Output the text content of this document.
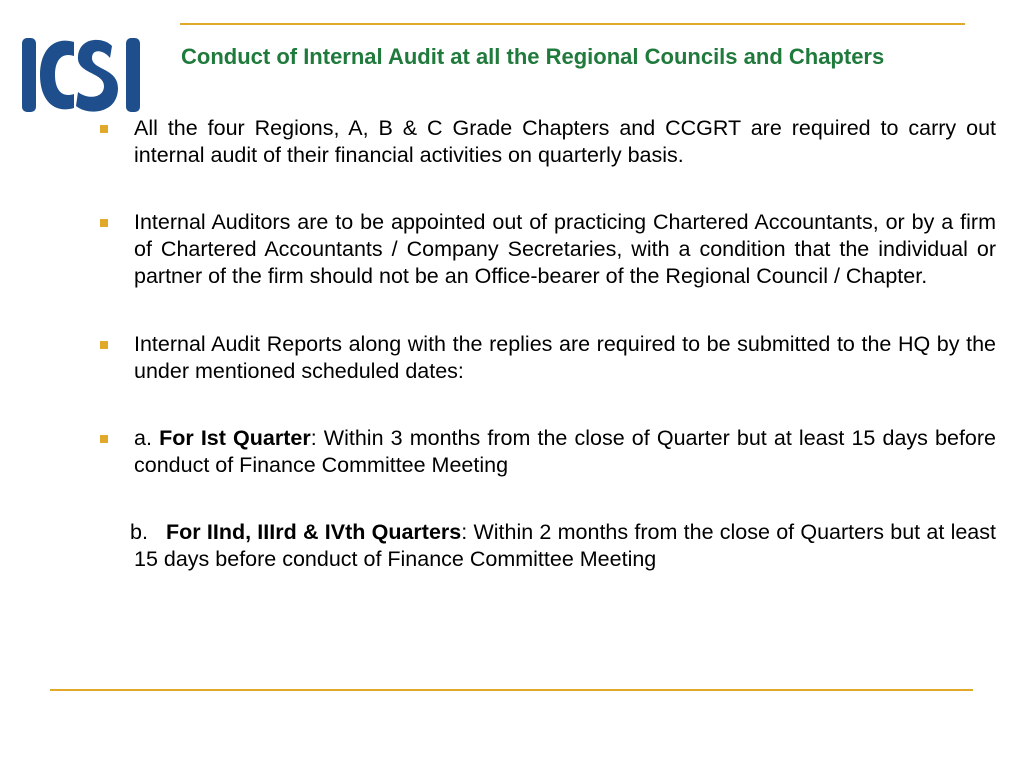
Conduct of Internal Audit at all the Regional Councils and Chapters
All the four Regions, A, B & C Grade Chapters and CCGRT are required to carry out internal audit of their financial activities on quarterly basis.
Internal Auditors are to be appointed out of practicing Chartered Accountants, or by a firm of Chartered Accountants / Company Secretaries, with a condition that the individual or partner of the firm should not be an Office-bearer of the Regional Council / Chapter.
Internal Audit Reports along with the replies are required to be submitted to the HQ by the under mentioned scheduled dates:
a. For Ist Quarter: Within 3 months from the close of Quarter but at least 15 days before conduct of Finance Committee Meeting
b. For IInd, IIIrd & IVth Quarters: Within 2 months from the close of Quarters but at least 15 days before conduct of Finance Committee Meeting
